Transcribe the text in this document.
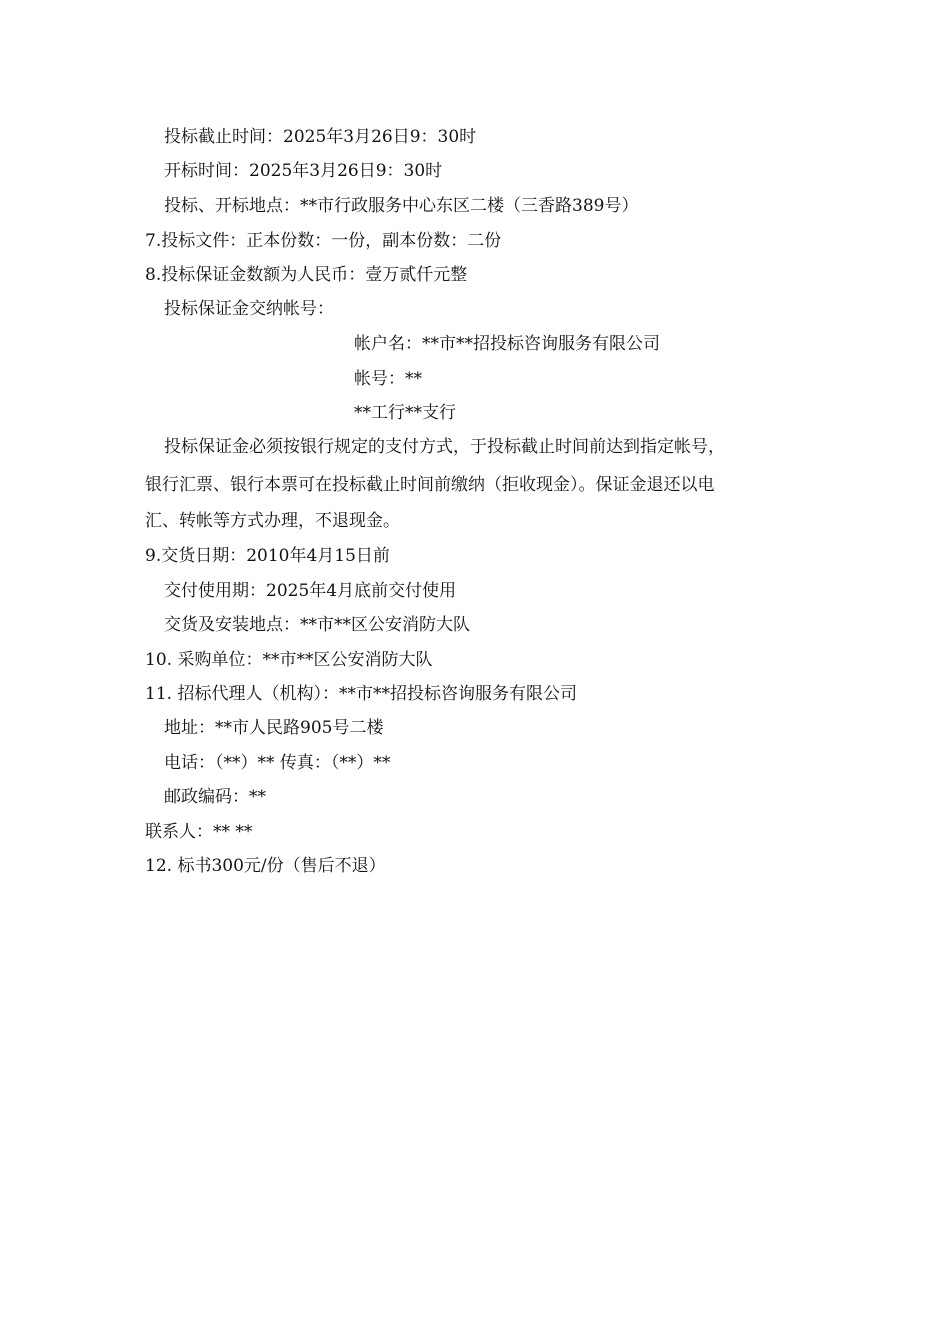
投标截止时间：2025年3月26日9：30时
开标时间：2025年3月26日9：30时
投标、开标地点：**市行政服务中心东区二楼（三香路389号）
7.投标文件：正本份数：一份，副本份数：二份
8.投标保证金数额为人民币：壹万贰仟元整
投标保证金交纳帐号：
帐户名：**市**招投标咨询服务有限公司
帐号：**
**工行**支行
投标保证金必须按银行规定的支付方式，于投标截止时间前达到指定帐号，
银行汇票、银行本票可在投标截止时间前缴纳（拒收现金）。保证金退还以电
汇、转帐等方式办理，不退现金。
9.交货日期：2010年4月15日前
交付使用期：2025年4月底前交付使用
交货及安装地点：**市**区公安消防大队
10. 采购单位：**市**区公安消防大队
11. 招标代理人（机构）：**市**招投标咨询服务有限公司
地址：**市人民路905号二楼
电话：（**）** 传真：（**）**
邮政编码：**
联系人：** **
12. 标书300元/份（售后不退）
